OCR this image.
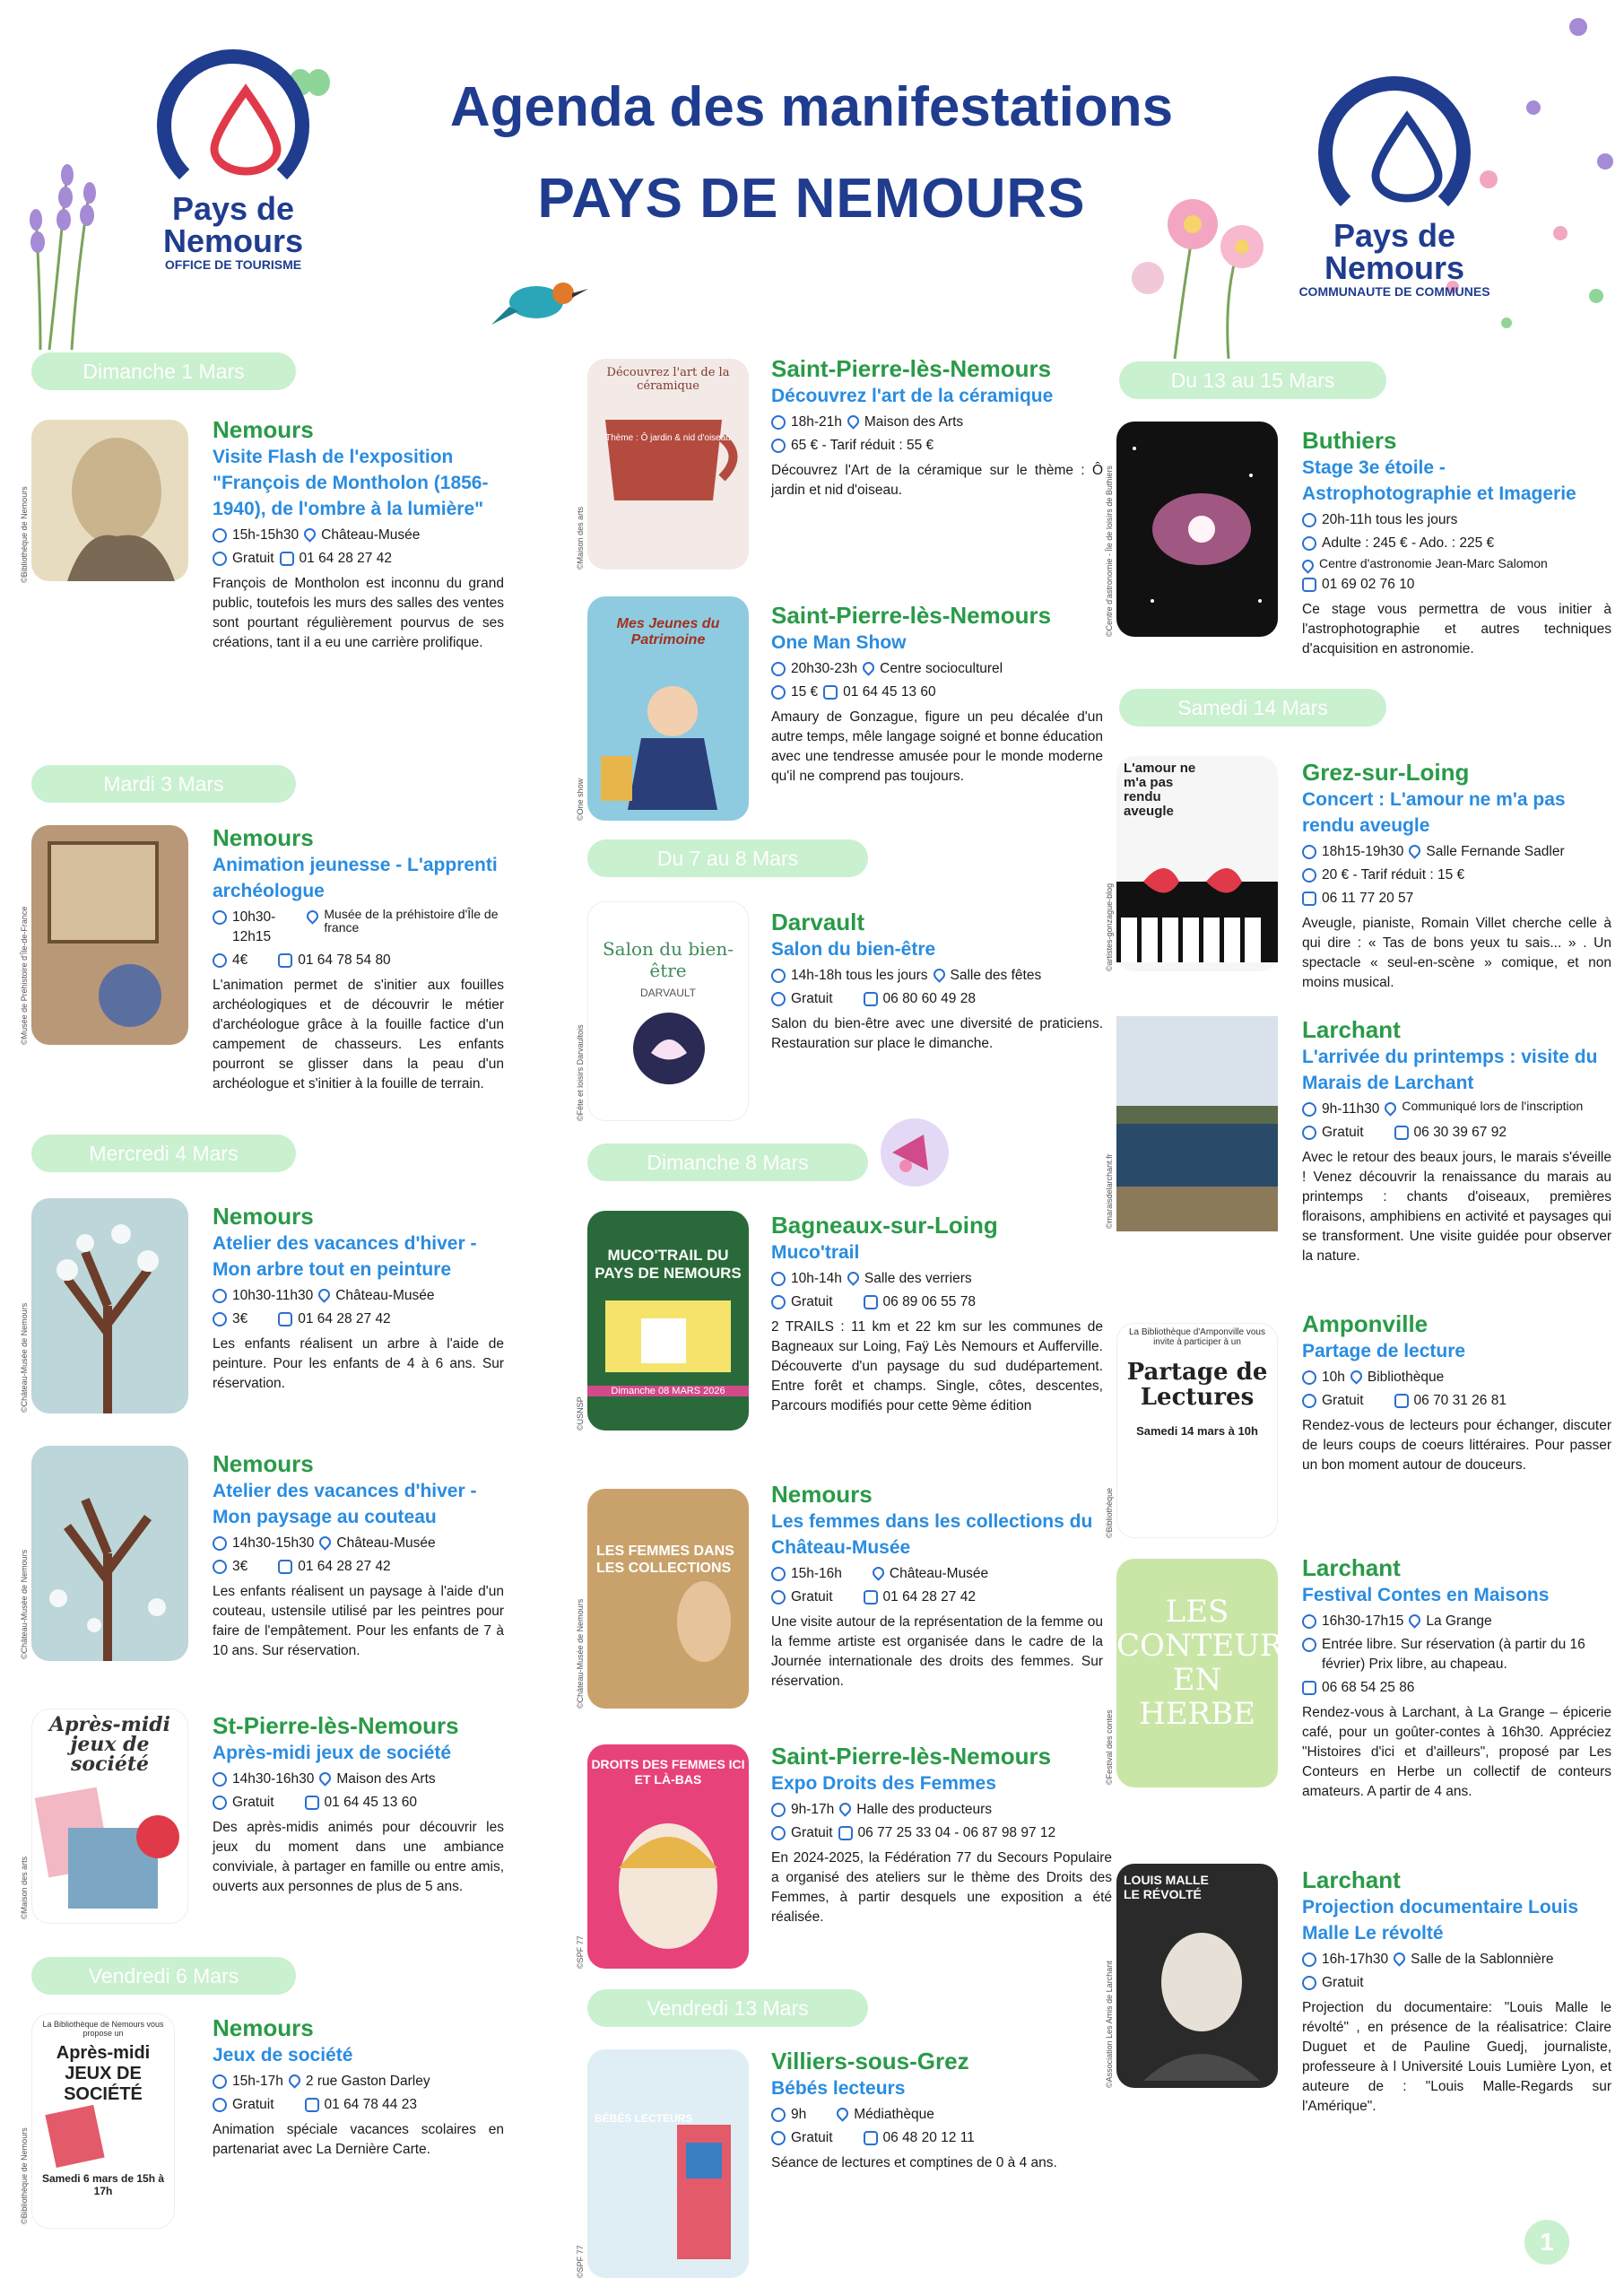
Agenda des manifestations
PAYS DE NEMOURS
Pays de
Nemours
OFFICE DE TOURISME
Pays de
Nemours
COMMUNAUTE DE COMMUNES
Dimanche 1 Mars
©Bibliothèque de Nemours
Nemours
Visite Flash de l'exposition "François de Montholon (1856-1940), de l'ombre à la lumière"
15h-15h30 Château-Musée
Gratuit 01 64 28 27 42
François de Montholon est inconnu du grand public, toutefois les murs des salles des ventes sont pourtant régulièrement pourvus de ses créations, tant il a eu une carrière prolifique.
Mardi 3 Mars
©Musée de Préhistoire d'Île-de-France
Nemours
Animation jeunesse - L'apprenti archéologue
10h30-12h15
Musée de la préhistoire d'Île de france
4€	01 64 78 54 80
L'animation permet de s'initier aux fouilles archéologiques et de découvrir le métier d'archéologue grâce à la fouille factice d'un campement de chasseurs. Les enfants pourront se glisser dans la peau d'un archéologue et s'initier à la fouille de terrain.
Mercredi 4 Mars
©Château-Musée de Nemours
Nemours
Atelier des vacances d'hiver - Mon arbre tout en peinture
10h30-11h30 Château-Musée
3€	01 64 28 27 42
Les enfants réalisent un arbre à l'aide de peinture. Pour les enfants de 4 à 6 ans. Sur réservation.
©Château-Musée de Nemours
Nemours
Atelier des vacances d'hiver - Mon paysage au couteau
14h30-15h30 Château-Musée
3€	01 64 28 27 42
Les enfants réalisent un paysage à l'aide d'un couteau, ustensile utilisé par les peintres pour faire de l'empâtement. Pour les enfants de 7 à 10 ans. Sur réservation.
Après-midi jeux de société
©Maison des arts
St-Pierre-lès-Nemours
Après-midi jeux de société
14h30-16h30 Maison des Arts
Gratuit	01 64 45 13 60
Des après-midis animés pour découvrir les jeux du moment dans une ambiance conviviale, à partager en famille ou entre amis, ouverts aux personnes de plus de 5 ans.
Vendredi 6 Mars
La Bibliothèque de Nemours vous propose un
Après-midi JEUX DE SOCIÉTÉ
Samedi 6 mars de 15h à 17h
©Bibliothèque de Nemours
Nemours
Jeux de société
15h-17h 2 rue Gaston Darley
Gratuit	01 64 78 44 23
Animation spéciale vacances scolaires en partenariat avec La Dernière Carte.
Découvrez l'art de la céramique
Thème : Ô jardin & nid d'oiseau
©Maison des arts
Saint-Pierre-lès-Nemours
Découvrez l'art de la céramique
18h-21h Maison des Arts
65 € - Tarif réduit : 55 €
Découvrez l'Art de la céramique sur le thème : Ô jardin et nid d'oiseau.
Mes Jeunes du Patrimoine
©One show
Saint-Pierre-lès-Nemours
One Man Show
20h30-23h Centre socioculturel
15 € 01 64 45 13 60
Amaury de Gonzague, figure un peu décalée d'un autre temps, mêle langage soigné et bonne éducation avec une tendresse amusée pour le monde moderne qu'il ne comprend pas toujours.
Du 7 au 8 Mars
Salon du bien-être
DARVAULT
©Fête et loisirs Darvaultois
Darvault
Salon du bien-être
14h-18h tous les jours Salle des fêtes
Gratuit	06 80 60 49 28
Salon du bien-être avec une diversité de praticiens. Restauration sur place le dimanche.
Dimanche 8 Mars
MUCO'TRAIL DU PAYS DE NEMOURS
Dimanche 08 MARS 2026
©USNSP
Bagneaux-sur-Loing
Muco'trail
10h-14h Salle des verriers
Gratuit	06 89 06 55 78
2 TRAILS : 11 km et 22 km sur les communes de Bagneaux sur Loing, Faÿ Lès Nemours et Aufferville. Découverte d'un paysage du sud dudépartement. Entre forêt et champs. Single, côtes, descentes, Parcours modifiés pour cette 9ème édition
LES FEMMES DANS LES COLLECTIONS
©Château-Musée de Nemours
Nemours
Les femmes dans les collections du Château-Musée
15h-16h	Château-Musée
Gratuit	01 64 28 27 42
Une visite autour de la représentation de la femme ou la femme artiste est organisée dans le cadre de la Journée internationale des droits des femmes. Sur réservation.
DROITS DES FEMMES ICI ET LÀ-BAS
©SPF 77
Saint-Pierre-lès-Nemours
Expo Droits des Femmes
9h-17h Halle des producteurs
Gratuit 06 77 25 33 04 - 06 87 98 97 12
En 2024-2025, la Fédération 77 du Secours Populaire a organisé des ateliers sur le thème des Droits des Femmes, à partir desquels une exposition a été réalisée.
Vendredi 13 Mars
BÉBÉS LECTEURS
©SPF 77
Villiers-sous-Grez
Bébés lecteurs
9h	Médiathèque
Gratuit	06 48 20 12 11
Séance de lectures et comptines de 0 à 4 ans.
Du 13 au 15 Mars
©Centre d'astronomie - Île de loisirs de Buthiers
Buthiers
Stage 3e étoile - Astrophotographie et Imagerie
20h-11h tous les jours
Adulte : 245 € - Ado. : 225 €
Centre d'astronomie Jean-Marc Salomon
01 69 02 76 10
Ce stage vous permettra de vous initier à l'astrophotographie et autres techniques d'acquisition en astronomie.
Samedi 14 Mars
L'amour ne m'a pas rendu aveugle
©artistes-gonzague-blog
Grez-sur-Loing
Concert : L'amour ne m'a pas rendu aveugle
18h15-19h30 Salle Fernande Sadler
20 € - Tarif réduit : 15 €
06 11 77 20 57
Aveugle, pianiste, Romain Villet cherche celle à qui dire : « Tas de bons yeux tu sais... » . Un spectacle « seul-en-scène » comique, et non moins musical.
©maraisdelarchant.fr
Larchant
L'arrivée du printemps : visite du Marais de Larchant
9h-11h30 Communiqué lors de l'inscription
Gratuit	06 30 39 67 92
Avec le retour des beaux jours, le marais s'éveille ! Venez découvrir la renaissance du marais au printemps : chants d'oiseaux, premières floraisons, amphibiens en activité et paysages qui se transforment. Une visite guidée pour observer la nature.
La Bibliothèque d'Amponville vous invite à participer à un
Partage de Lectures
Samedi 14 mars à 10h
©Bibliothèque
Amponville
Partage de lecture
10h Bibliothèque
Gratuit	06 70 31 26 81
Rendez-vous de lecteurs pour échanger, discuter de leurs coups de coeurs littéraires. Pour passer un bon moment autour de douceurs.
LES CONTEURS EN HERBE
©Festival des contes
Larchant
Festival Contes en Maisons
16h30-17h15 La Grange
Entrée libre. Sur réservation (à partir du 16 février) Prix libre, au chapeau.
06 68 54 25 86
Rendez-vous à Larchant, à La Grange – épicerie café, pour un goûter-contes à 16h30. Appréciez "Histoires d'ici et d'ailleurs", proposé par Les Conteurs en Herbe un collectif de conteurs amateurs. A partir de 4 ans.
LOUIS MALLE LE RÉVOLTÉ
©Association Les Amis de Larchant
Larchant
Projection documentaire Louis Malle Le révolté
16h-17h30 Salle de la Sablonnière
Gratuit
Projection du documentaire: "Louis Malle le révolté" , en présence de la réalisatrice: Claire Duguet et de Pauline Guedj, journaliste, professeure à l Université Louis Lumière Lyon, et auteure de : "Louis Malle-Regards sur l'Amérique".
1
